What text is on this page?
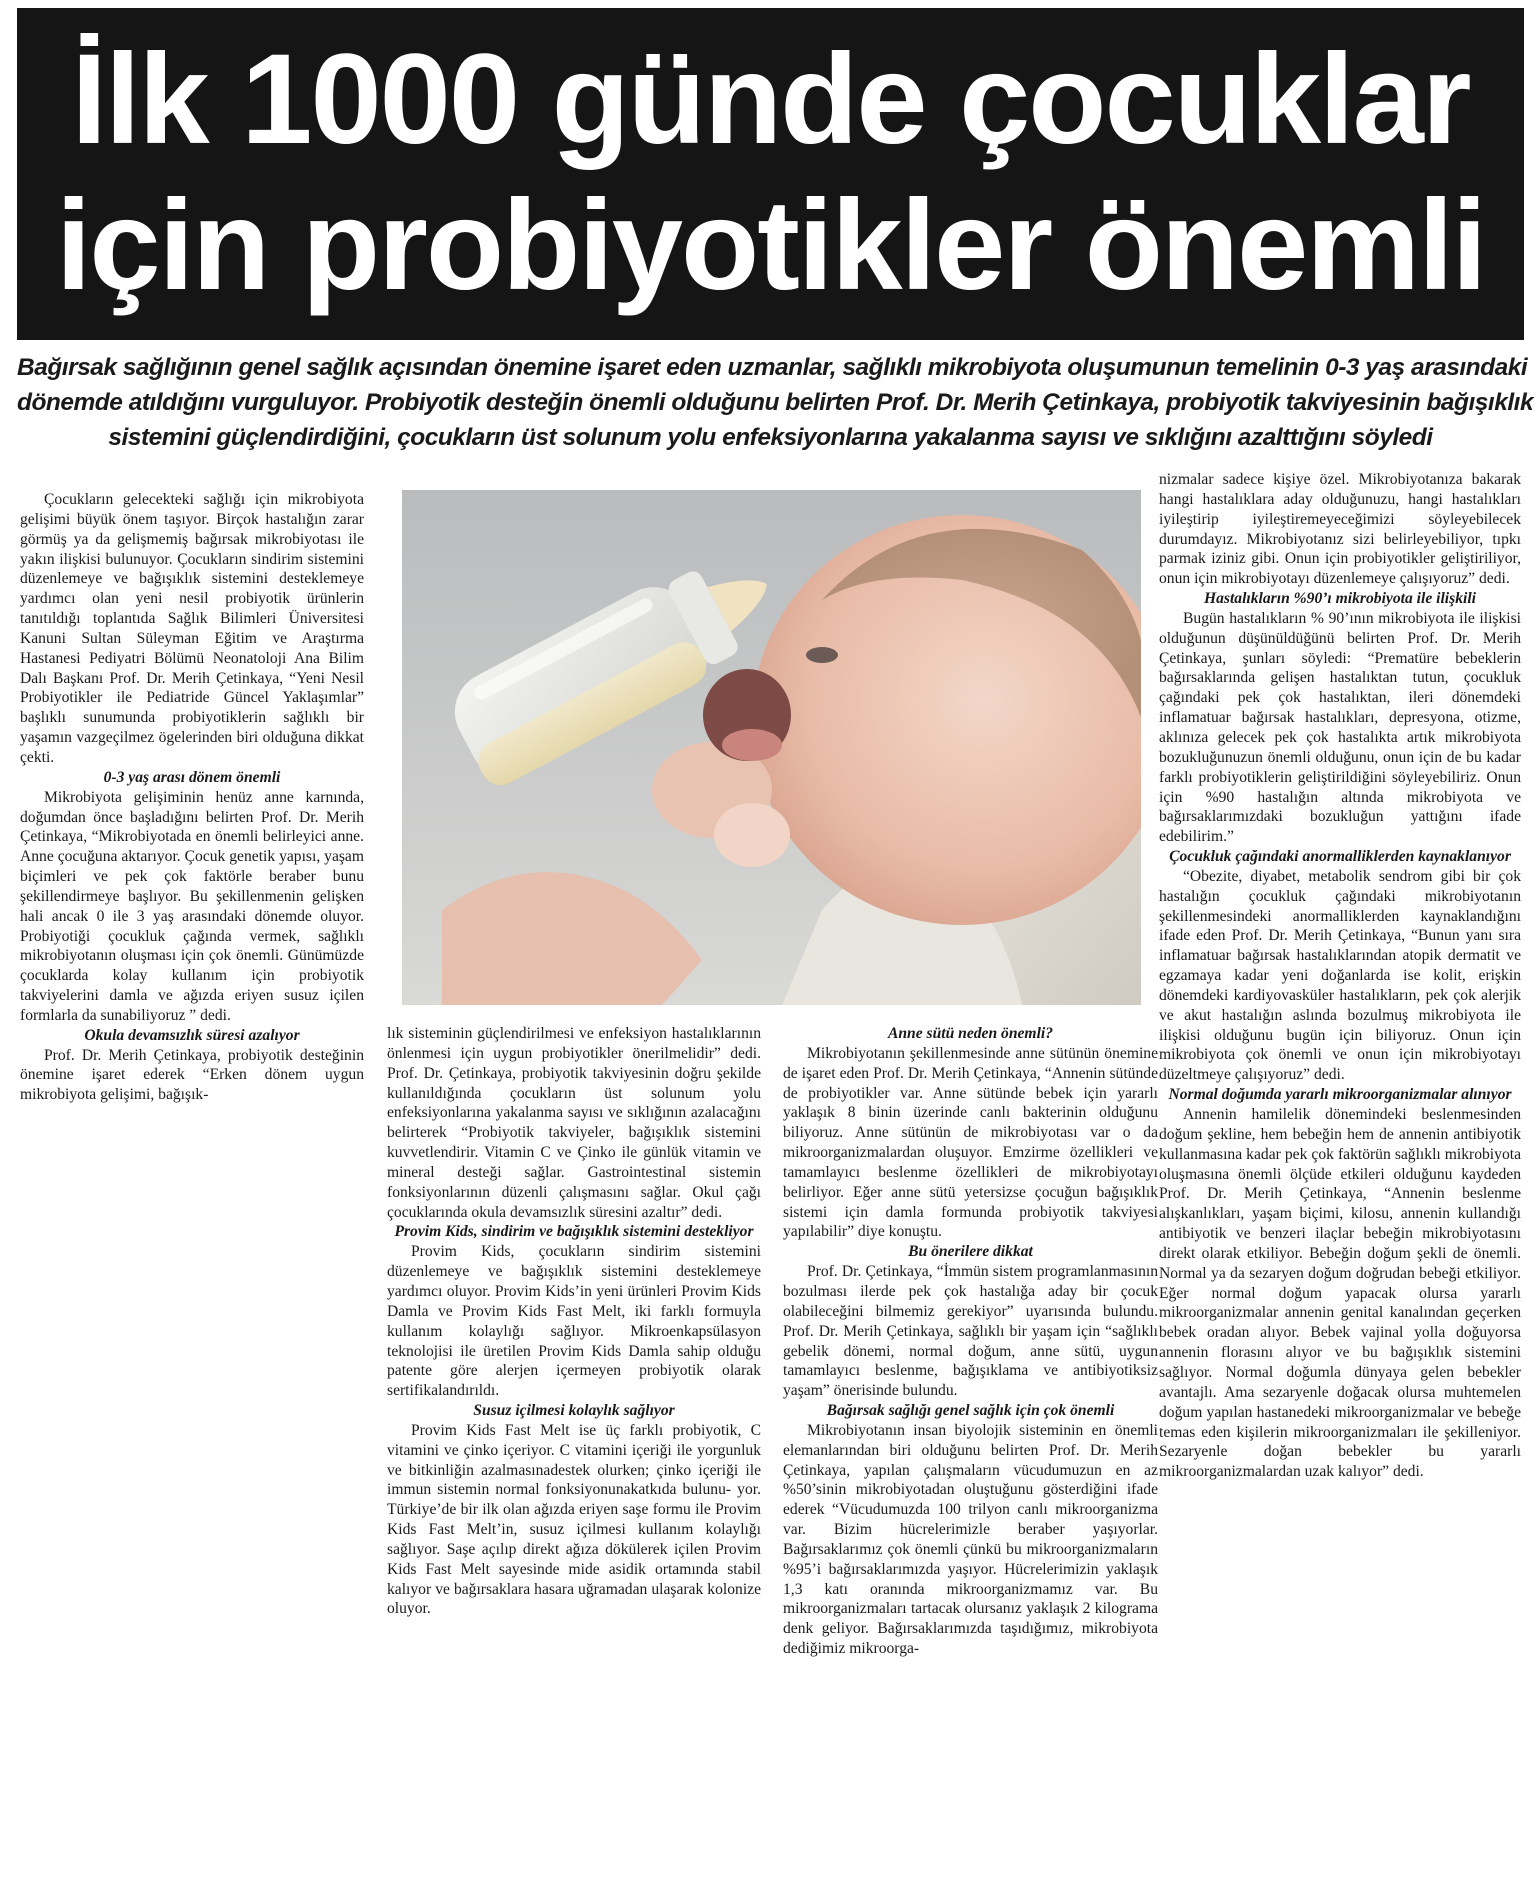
İlk 1000 günde çocuklar
için probiyotikler önemli

Bağırsak sağlığının genel sağlık açısından önemine işaret eden uzmanlar, sağlıklı mikrobiyota oluşumunun temelinin 0-3 yaş arasındaki

dönemde atıldığını vurguluyor. Probiyotik desteğin önemli olduğunu belirten Prof. Dr. Merih Çetinkaya, probiyotik takviyesinin bağışıklık

sistemini güçlendirdiğini, çocukların üst solunum yolu enfeksiyonlarına yakalanma sayısı ve sıklığını azalttığını söyledi

Çocukların gelecekteki sağlığı için mikrobiyota gelişimi büyük önem taşıyor. Birçok hastalığın zarar görmüş ya da gelişmemiş bağırsak mikrobiyotası ile yakın ilişkisi bulunuyor. Çocukların sindirim sistemini düzenlemeye ve bağışıklık sistemini desteklemeye yardımcı olan yeni nesil probiyotik ürünlerin tanıtıldığı toplantıda Sağlık Bilimleri Üniversitesi Kanuni Sultan Süleyman Eğitim ve Araştırma Hastanesi Pediyatri Bölümü Neonatoloji Ana Bilim Dalı Başkanı Prof. Dr. Merih Çetinkaya, “Yeni Nesil Probiyotikler ile Pediatride Güncel Yaklaşımlar” başlıklı sunumunda probiyotiklerin sağlıklı bir yaşamın vazgeçilmez ögelerinden biri olduğuna dikkat çekti.

0-3 yaş arası dönem önemli

Mikrobiyota gelişiminin henüz anne karnında, doğumdan önce başladığını belirten Prof. Dr. Merih Çetinkaya, “Mikrobiyotada en önemli belirleyici anne. Anne çocuğuna aktarıyor. Çocuk genetik yapısı, yaşam biçimleri ve pek çok faktörle beraber bunu şekillendirmeye başlıyor. Bu şekillenmenin gelişken hali ancak 0 ile 3 yaş arasındaki dönemde oluyor. Probiyotiği çocukluk çağında vermek, sağlıklı mikrobiyotanın oluşması için çok önemli. Günümüzde çocuklarda kolay kullanım için probiyotik takviyelerini damla ve ağızda eriyen susuz içilen formlarla da sunabiliyoruz ” dedi.

Okula devamsızlık süresi azalıyor

Prof. Dr. Merih Çetinkaya, probiyotik desteğinin önemine işaret ederek “Erken dönem uygun mikrobiyota gelişimi, bağışık-

lık sisteminin güçlendirilmesi ve enfeksiyon hastalıklarının önlenmesi için uygun probiyotikler önerilmelidir” dedi. Prof. Dr. Çetinkaya, probiyotik takviyesinin doğru şekilde kullanıldığında çocukların üst solunum yolu enfeksiyonlarına yakalanma sayısı ve sıklığının azalacağını belirterek “Probiyotik takviyeler, bağışıklık sistemini kuvvetlendirir. Vitamin C ve Çinko ile günlük vitamin ve mineral desteği sağlar. Gastrointestinal sistemin fonksiyonlarının düzenli çalışmasını sağlar. Okul çağı çocuklarında okula devamsızlık süresini azaltır” dedi.

Provim Kids, sindirim ve bağışıklık sistemini destekliyor

Provim Kids, çocukların sindirim sistemini düzenlemeye ve bağışıklık sistemini desteklemeye yardımcı oluyor. Provim Kids’in yeni ürünleri Provim Kids Damla ve Provim Kids Fast Melt, iki farklı formuyla kullanım kolaylığı sağlıyor. Mikroenkapsülasyon teknolojisi ile üretilen Provim Kids Damla sahip olduğu patente göre alerjen içermeyen probiyotik olarak sertifikalandırıldı.

Susuz içilmesi kolaylık sağlıyor

Provim Kids Fast Melt ise üç farklı probiyotik, C vitamini ve çinko içeriyor. C vitamini içeriği ile yorgunluk ve bitkinliğin azalmasınadestek olurken; çinko içeriği ile immun sistemin normal fonksiyonunakatkıda bulunu- yor. Türkiye’de bir ilk olan ağızda eriyen saşe formu ile Provim Kids Fast Melt’in, susuz içilmesi kullanım kolaylığı sağlıyor. Saşe açılıp direkt ağıza dökülerek içilen Provim Kids Fast Melt sayesinde mide asidik ortamında stabil kalıyor ve bağırsaklara hasara uğramadan ulaşarak kolonize oluyor.

Anne sütü neden önemli?

Mikrobiyotanın şekillenmesinde anne sütünün önemine de işaret eden Prof. Dr. Merih Çetinkaya, “Annenin sütünde de probiyotikler var. Anne sütünde bebek için yararlı yaklaşık 8 binin üzerinde canlı bakterinin olduğunu biliyoruz. Anne sütünün de mikrobiyotası var o da mikroorganizmalardan oluşuyor. Emzirme özellikleri ve tamamlayıcı beslenme özellikleri de mikrobiyotayı belirliyor. Eğer anne sütü yetersizse çocuğun bağışıklık sistemi için damla formunda probiyotik takviyesi yapılabilir” diye konuştu.

Bu önerilere dikkat

Prof. Dr. Çetinkaya, “İmmün sistem programlanmasının bozulması ilerde pek çok hastalığa aday bir çocuk olabileceğini bilmemiz gerekiyor” uyarısında bulundu. Prof. Dr. Merih Çetinkaya, sağlıklı bir yaşam için “sağlıklı gebelik dönemi, normal doğum, anne sütü, uygun tamamlayıcı beslenme, bağışıklama ve antibiyotiksiz yaşam” önerisinde bulundu.

Bağırsak sağlığı genel sağlık için çok önemli

Mikrobiyotanın insan biyolojik sisteminin en önemli elemanlarından biri olduğunu belirten Prof. Dr. Merih Çetinkaya, yapılan çalışmaların vücudumuzun en az %50’sinin mikrobiyotadan oluştuğunu gösterdiğini ifade ederek “Vücudumuzda 100 trilyon canlı mikroorganizma var. Bizim hücrelerimizle beraber yaşıyorlar. Bağırsaklarımız çok önemli çünkü bu mikroorganizmaların %95’i bağırsaklarımızda yaşıyor. Hücrelerimizin yaklaşık 1,3 katı oranında mikroorganizmamız var. Bu mikroorganizmaları tartacak olursanız yaklaşık 2 kilograma denk geliyor. Bağırsaklarımızda taşıdığımız, mikrobiyota dediğimiz mikroorga-

nizmalar sadece kişiye özel. Mikrobiyotanıza bakarak hangi hastalıklara aday olduğunuzu, hangi hastalıkları iyileştirip iyileştiremeyeceğimizi söyleyebilecek durumdayız. Mikrobiyotanız sizi belirleyebiliyor, tıpkı parmak iziniz gibi. Onun için probiyotikler geliştiriliyor, onun için mikrobiyotayı düzenlemeye çalışıyoruz” dedi.

Hastalıkların %90’ı mikrobiyota ile ilişkili

Bugün hastalıkların % 90’ının mikrobiyota ile ilişkisi olduğunun düşünüldüğünü belirten Prof. Dr. Merih Çetinkaya, şunları söyledi: “Prematüre bebeklerin bağırsaklarında gelişen hastalıktan tutun, çocukluk çağındaki pek çok hastalıktan, ileri dönemdeki inflamatuar bağırsak hastalıkları, depresyona, otizme, aklınıza gelecek pek çok hastalıkta artık mikrobiyota bozukluğunuzun önemli olduğunu, onun için de bu kadar farklı probiyotiklerin geliştirildiğini söyleyebiliriz. Onun için %90 hastalığın altında mikrobiyota ve bağırsaklarımızdaki bozukluğun yattığını ifade edebilirim.”

Çocukluk çağındaki anormalliklerden kaynaklanıyor

“Obezite, diyabet, metabolik sendrom gibi bir çok hastalığın çocukluk çağındaki mikrobiyotanın şekillenmesindeki anormalliklerden kaynaklandığını ifade eden Prof. Dr. Merih Çetinkaya, “Bunun yanı sıra inflamatuar bağırsak hastalıklarından atopik dermatit ve egzamaya kadar yeni doğanlarda ise kolit, erişkin dönemdeki kardiyovasküler hastalıkların, pek çok alerjik ve akut hastalığın aslında bozulmuş mikrobiyota ile ilişkisi olduğunu bugün için biliyoruz. Onun için mikrobiyota çok önemli ve onun için mikrobiyotayı düzeltmeye çalışıyoruz” dedi.

Normal doğumda yararlı mikroorganizmalar alınıyor

Annenin hamilelik dönemindeki beslenmesinden doğum şekline, hem bebeğin hem de annenin antibiyotik kullanmasına kadar pek çok faktörün sağlıklı mikrobiyota oluşmasına önemli ölçüde etkileri olduğunu kaydeden Prof. Dr. Merih Çetinkaya, “Annenin beslenme alışkanlıkları, yaşam biçimi, kilosu, annenin kullandığı antibiyotik ve benzeri ilaçlar bebeğin mikrobiyotasını direkt olarak etkiliyor. Bebeğin doğum şekli de önemli. Normal ya da sezaryen doğum doğrudan bebeği etkiliyor. Eğer normal doğum yapacak olursa yararlı mikroorganizmalar annenin genital kanalından geçerken bebek oradan alıyor. Bebek vajinal yolla doğuyorsa annenin florasını alıyor ve bu bağışıklık sistemini sağlıyor. Normal doğumla dünyaya gelen bebekler avantajlı. Ama sezaryenle doğacak olursa muhtemelen doğum yapılan hastanedeki mikroorganizmalar ve bebeğe temas eden kişilerin mikroorganizmaları ile şekilleniyor. Sezaryenle doğan bebekler bu yararlı mikroorganizmalardan uzak kalıyor” dedi.
